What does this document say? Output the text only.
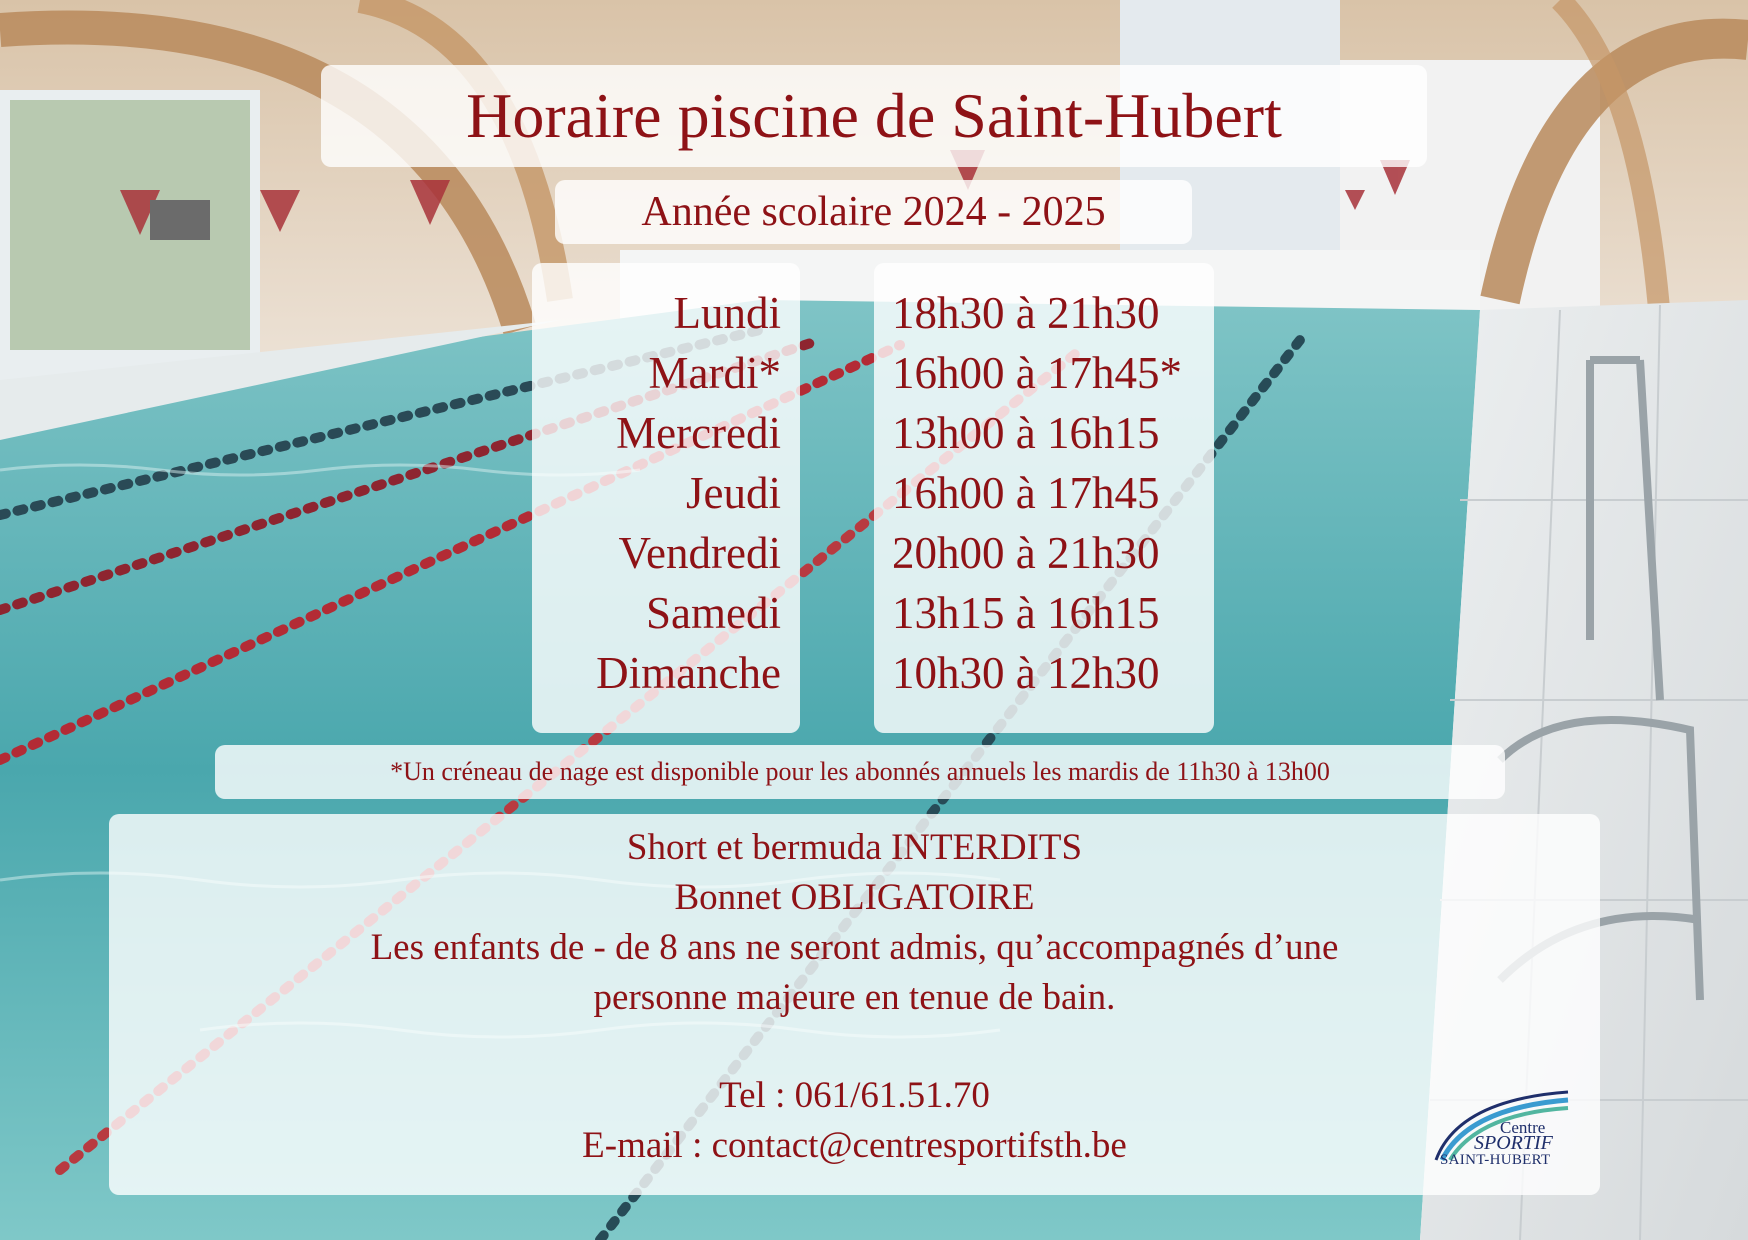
Horaire piscine de Saint-Hubert
Année scolaire 2024 - 2025
Lundi
Mardi*
Mercredi
Jeudi
Vendredi
Samedi
Dimanche
18h30 à 21h30
16h00 à 17h45*
13h00 à 16h15
16h00 à 17h45
20h00 à 21h30
13h15 à 16h15
10h30 à 12h30
*Un créneau de nage est disponible pour les abonnés annuels les mardis de 11h30 à 13h00
Short et bermuda INTERDITS
Bonnet OBLIGATOIRE
Les enfants de - de 8 ans ne seront admis, qu’accompagnés d’une
personne majeure en tenue de bain.
Tel : 061/61.51.70
E-mail : contact@centresportifsth.be	Centre
SPORTIF
SAINT-HUBERT
